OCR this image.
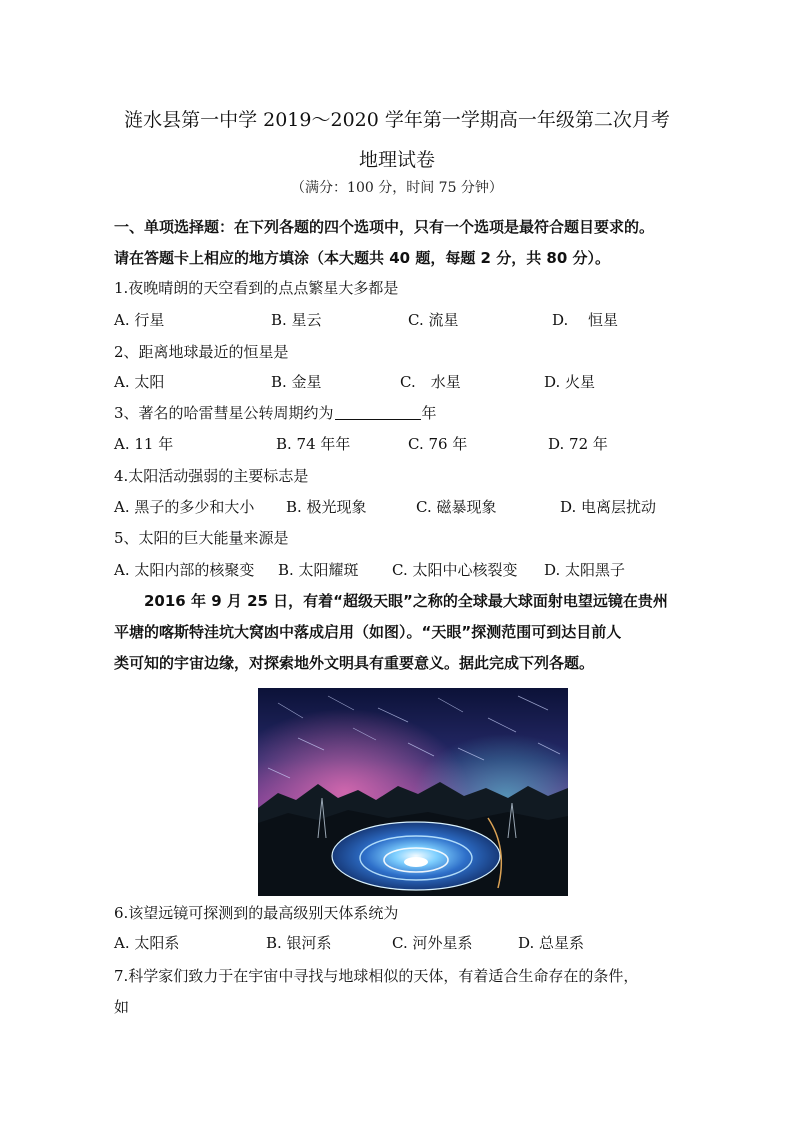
涟水县第一中学 2019～2020 学年第一学期高一年级第二次月考
地理试卷
（满分：100 分，时间 75 分钟）
一、单项选择题：在下列各题的四个选项中，只有一个选项是最符合题目要求的。
请在答题卡上相应的地方填涂（本大题共 40 题，每题 2 分，共 80 分）。
1.夜晚晴朗的天空看到的点点繁星大多都是
A. 行星	B. 星云	C. 流星	D.　 恒星
2、距离地球最近的恒星是
A. 太阳	B. 金星	C.　水星	D. 火星
3、著名的哈雷彗星公转周期约为	年
A. 11 年	B. 74 年年	C. 76 年	D. 72 年
4.太阳活动强弱的主要标志是
A. 黑子的多少和大小 B. 极光现象	C. 磁暴现象	D. 电离层扰动
5、太阳的巨大能量来源是
A. 太阳内部的核聚变 B. 太阳耀斑 C. 太阳中心核裂变 D. 太阳黑子
2016 年 9 月 25 日，有着“超级天眼”之称的全球最大球面射电望远镜在贵州
平塘的喀斯特洼坑大窝凼中落成启用（如图）。“天眼”探测范围可到达目前人
类可知的宇宙边缘，对探索地外文明具有重要意义。据此完成下列各题。
6.该望远镜可探测到的最高级别天体系统为
A. 太阳系	B. 银河系	C. 河外星系	D. 总星系
7.科学家们致力于在宇宙中寻找与地球相似的天体，有着适合生命存在的条件，
如
